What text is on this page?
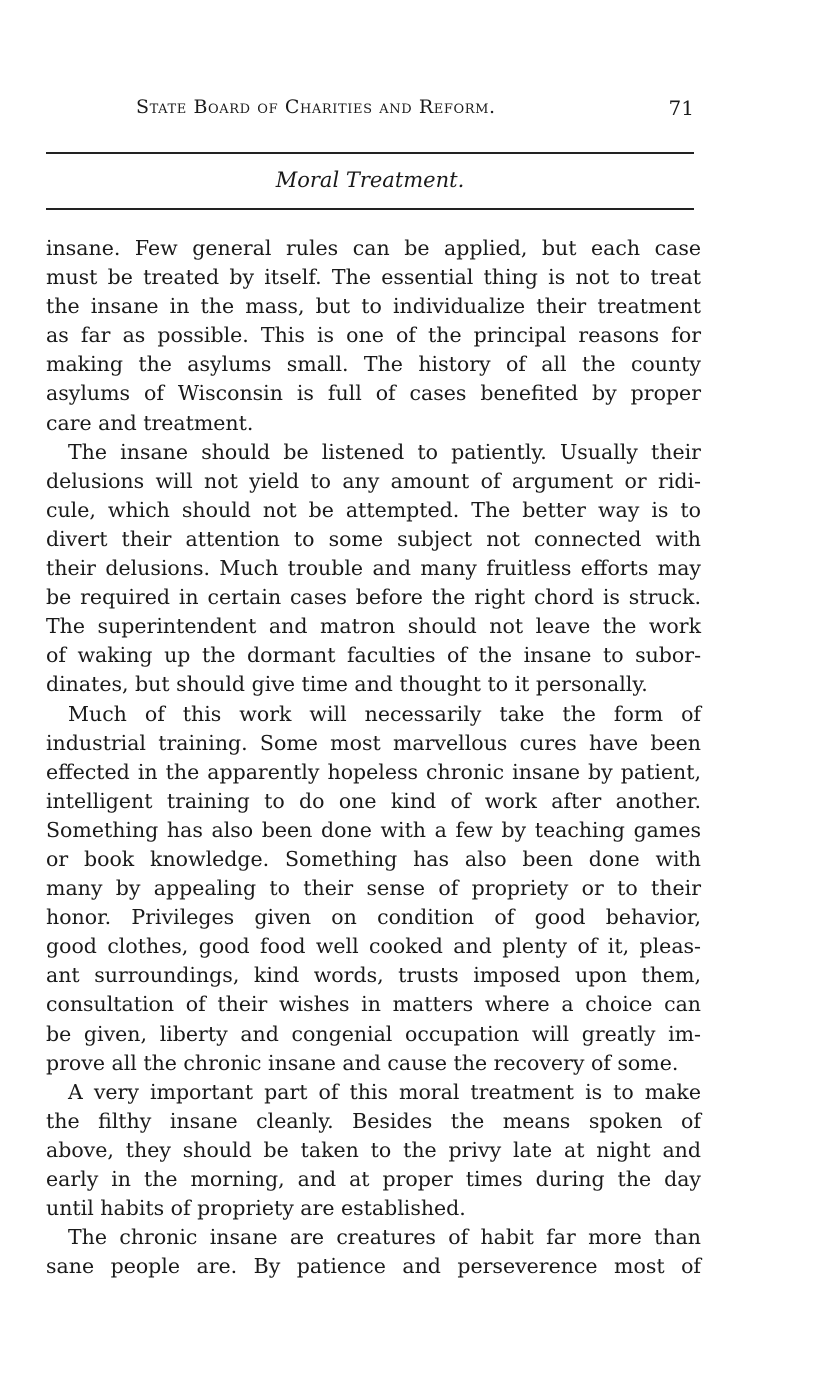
State Board of Charities and Reform.	71
Moral Treatment.

insane. Few general rules can be applied, but each case
must be treated by itself. The essential thing is not to treat
the insane in the mass, but to individualize their treatment
as far as possible. This is one of the principal reasons for
making the asylums small. The history of all the county
asylums of Wisconsin is full of cases benefited by proper
care and treatment.

The insane should be listened to patiently. Usually their
delusions will not yield to any amount of argument or ridi-
cule, which should not be attempted. The better way is to
divert their attention to some subject not connected with
their delusions. Much trouble and many fruitless efforts may
be required in certain cases before the right chord is struck.
The superintendent and matron should not leave the work
of waking up the dormant faculties of the insane to subor-
dinates, but should give time and thought to it personally.

Much of this work will necessarily take the form of
industrial training. Some most marvellous cures have been
effected in the apparently hopeless chronic insane by patient,
intelligent training to do one kind of work after another.
Something has also been done with a few by teaching games
or book knowledge. Something has also been done with
many by appealing to their sense of propriety or to their
honor. Privileges given on condition of good behavior,
good clothes, good food well cooked and plenty of it, pleas-
ant surroundings, kind words, trusts imposed upon them,
consultation of their wishes in matters where a choice can
be given, liberty and congenial occupation will greatly im-
prove all the chronic insane and cause the recovery of some.

A very important part of this moral treatment is to make
the filthy insane cleanly. Besides the means spoken of
above, they should be taken to the privy late at night and
early in the morning, and at proper times during the day
until habits of propriety are established.

The chronic insane are creatures of habit far more than
sane people are. By patience and perseverence most of
